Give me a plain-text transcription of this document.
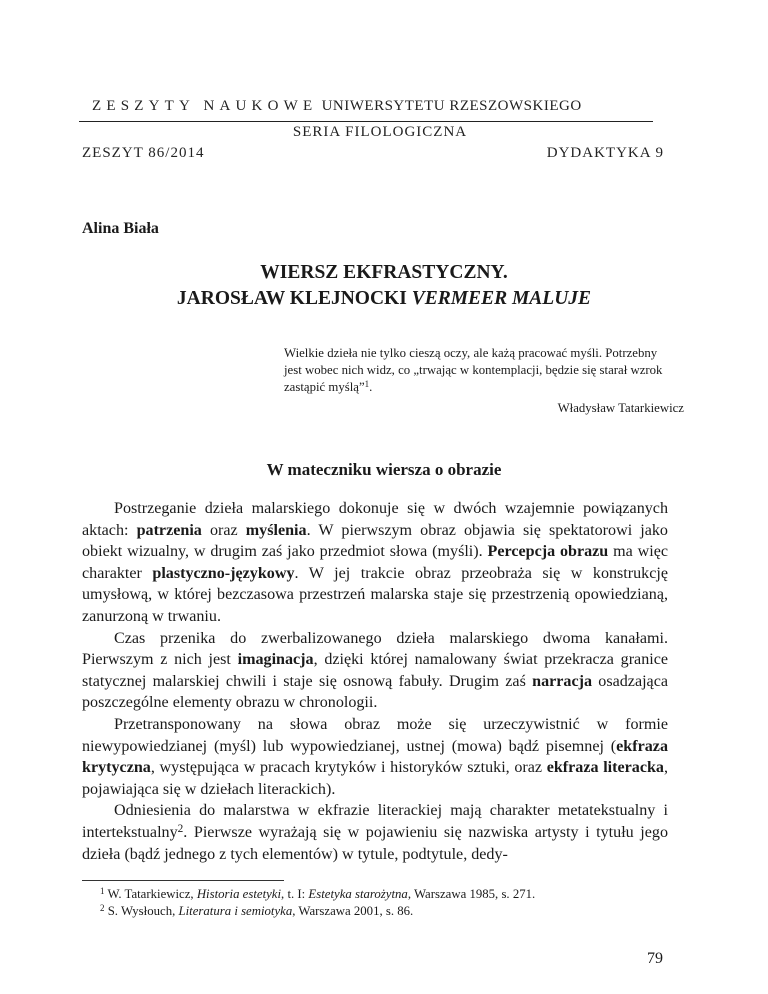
ZESZYTY NAUKOWE UNIWERSYTETU RZESZOWSKIEGO
SERIA FILOLOGICZNA
ZESZYT 86/2014	DYDAKTYKA 9
Alina Biała
WIERSZ EKFRASTYCZNY.
JAROSŁAW KLEJNOCKI VERMEER MALUJE
Wielkie dzieła nie tylko cieszą oczy, ale każą pracować myśli. Potrzebny jest wobec nich widz, co „trwając w kontemplacji, będzie się starał wzrok zastąpić myślą”$^1$.
Władysław Tatarkiewicz
W mateczniku wiersza o obrazie

Postrzeganie dzieła malarskiego dokonuje się w dwóch wzajemnie powiązanych aktach: patrzenia oraz myślenia. W pierwszym obraz objawia się spektatorowi jako obiekt wizualny, w drugim zaś jako przedmiot słowa (myśli). Percepcja obrazu ma więc charakter plastyczno-językowy. W jej trakcie obraz przeobraża się w konstrukcję umysłową, w której bezczasowa przestrzeń malarska staje się przestrzenią opowiedzianą, zanurzoną w trwaniu.

Czas przenika do zwerbalizowanego dzieła malarskiego dwoma kanałami. Pierwszym z nich jest imaginacja, dzięki której namalowany świat przekracza granice statycznej malarskiej chwili i staje się osnową fabuły. Drugim zaś narracja osadzająca poszczególne elementy obrazu w chronologii.

Przetransponowany na słowa obraz może się urzeczywistnić w formie niewypowiedzianej (myśl) lub wypowiedzianej, ustnej (mowa) bądź pisemnej (ekfraza krytyczna, występująca w pracach krytyków i historyków sztuki, oraz ekfraza literacka, pojawiająca się w dziełach literackich).

Odniesienia do malarstwa w ekfrazie literackiej mają charakter metatekstualny i intertekstualny$^2$. Pierwsze wyrażają się w pojawieniu się nazwiska artysty i tytułu jego dzieła (bądź jednego z tych elementów) w tytule, podtytule, dedy-

$^1$ W. Tatarkiewicz, Historia estetyki, t. I: Estetyka starożytna, Warszawa 1985, s. 271.
$^2$ S. Wysłouch, Literatura i semiotyka, Warszawa 2001, s. 86.
79
